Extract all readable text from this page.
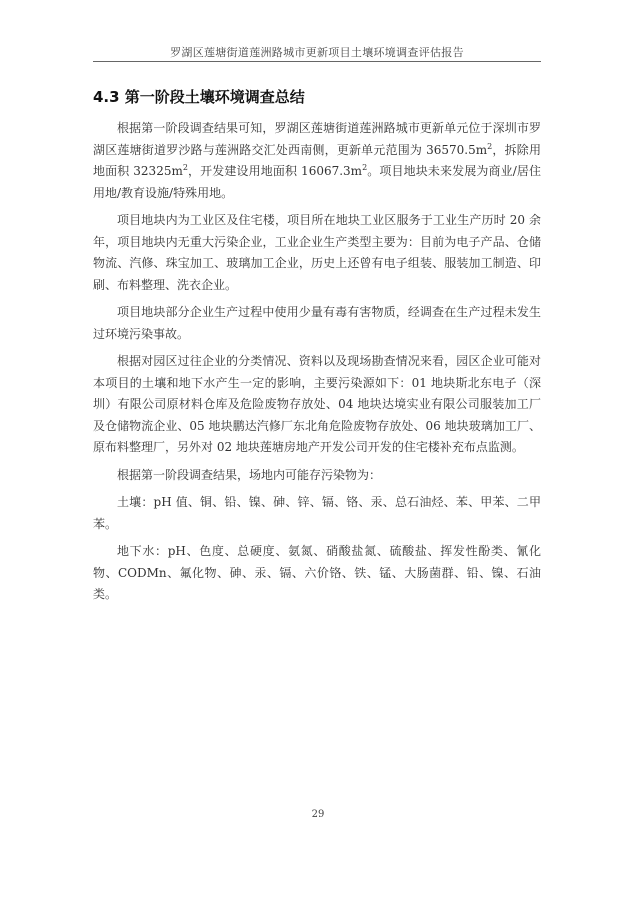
罗湖区莲塘街道莲洲路城市更新项目土壤环境调查评估报告
4.3 第一阶段土壤环境调查总结

根据第一阶段调查结果可知，罗湖区莲塘街道莲洲路城市更新单元位于深圳市罗湖区莲塘街道罗沙路与莲洲路交汇处西南侧，更新单元范围为 $36570.5m^2$，拆除用地面积 $32325m^2$，开发建设用地面积 $16067.3m^2$。项目地块未来发展为商业/居住用地/教育设施/特殊用地。

项目地块内为工业区及住宅楼，项目所在地块工业区服务于工业生产历时 20 余年，项目地块内无重大污染企业，工业企业生产类型主要为：目前为电子产品、仓储物流、汽修、珠宝加工、玻璃加工企业，历史上还曾有电子组装、服装加工制造、印刷、布料整理、洗衣企业。

项目地块部分企业生产过程中使用少量有毒有害物质，经调查在生产过程未发生过环境污染事故。

根据对园区过往企业的分类情况、资料以及现场勘查情况来看，园区企业可能对本项目的土壤和地下水产生一定的影响，主要污染源如下：01 地块斯北东电子（深圳）有限公司原材料仓库及危险废物存放处、04 地块达境实业有限公司服装加工厂及仓储物流企业、05 地块鹏达汽修厂东北角危险废物存放处、06 地块玻璃加工厂、原布料整理厂，另外对 02 地块莲塘房地产开发公司开发的住宅楼补充布点监测。

根据第一阶段调查结果，场地内可能存污染物为：

土壤：pH 值、铜、铅、镍、砷、锌、镉、铬、汞、总石油烃、苯、甲苯、二甲苯。

地下水：pH、色度、总硬度、氨氮、硝酸盐氮、硫酸盐、挥发性酚类、氰化物、CODMn、氟化物、砷、汞、镉、六价铬、铁、锰、大肠菌群、铅、镍、石油类。

29
